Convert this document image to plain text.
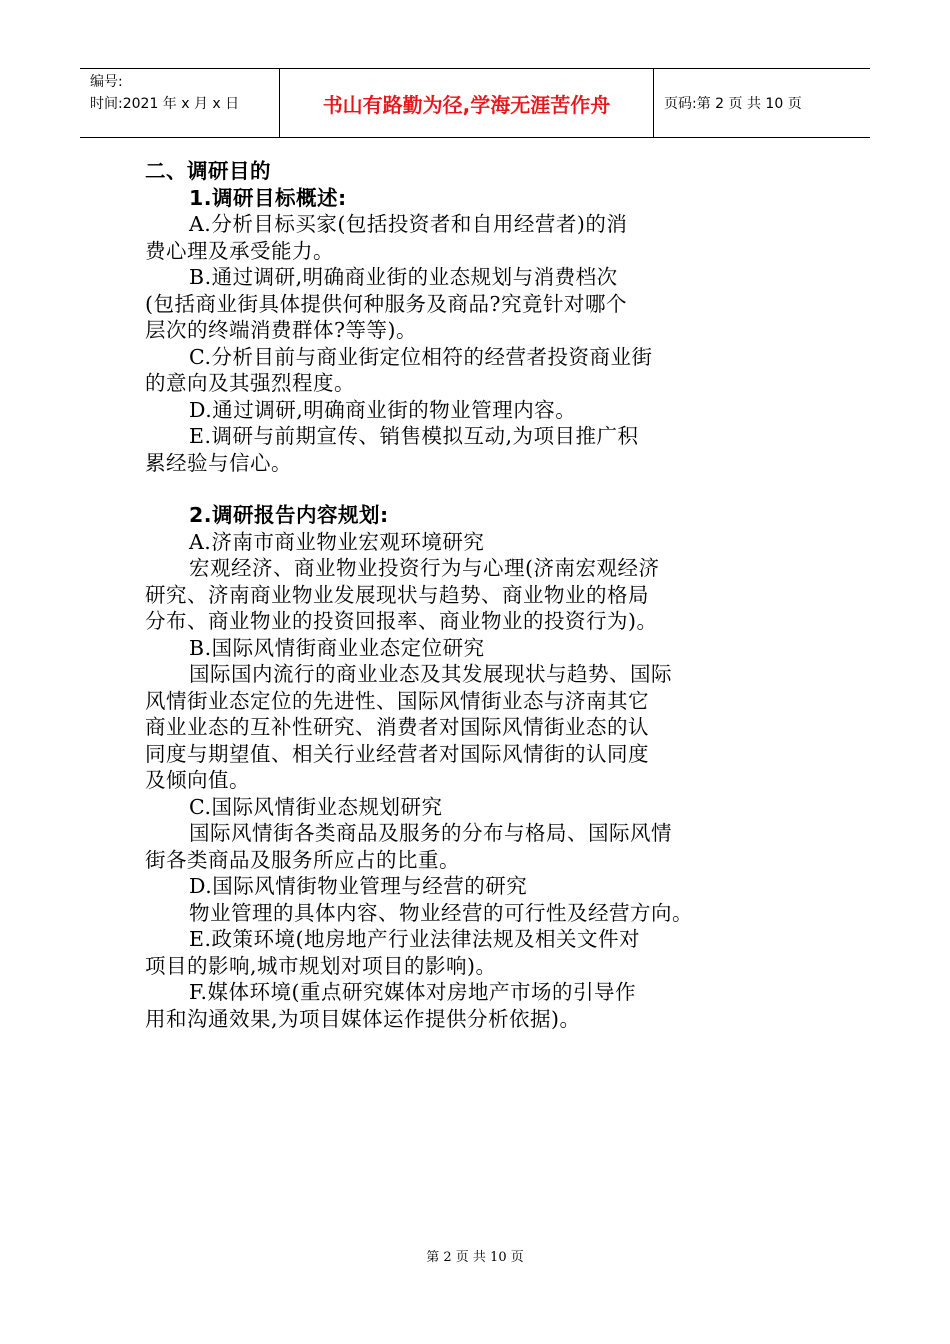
编号:
时间:2021 年 x 月 x 日	书山有路勤为径,学海无涯苦作舟	页码:第 2 页 共 10 页
二、调研目的
1.调研目标概述:
A.分析目标买家(包括投资者和自用经营者)的消
费心理及承受能力。
B.通过调研,明确商业街的业态规划与消费档次
(包括商业街具体提供何种服务及商品?究竟针对哪个
层次的终端消费群体?等等)。
C.分析目前与商业街定位相符的经营者投资商业街
的意向及其强烈程度。
D.通过调研,明确商业街的物业管理内容。
E.调研与前期宣传、销售模拟互动,为项目推广积
累经验与信心。
2.调研报告内容规划:
A.济南市商业物业宏观环境研究
宏观经济、商业物业投资行为与心理(济南宏观经济
研究、济南商业物业发展现状与趋势、商业物业的格局
分布、商业物业的投资回报率、商业物业的投资行为)。
B.国际风情街商业业态定位研究
国际国内流行的商业业态及其发展现状与趋势、国际
风情街业态定位的先进性、国际风情街业态与济南其它
商业业态的互补性研究、消费者对国际风情街业态的认
同度与期望值、相关行业经营者对国际风情街的认同度
及倾向值。
C.国际风情街业态规划研究
国际风情街各类商品及服务的分布与格局、国际风情
街各类商品及服务所应占的比重。
D.国际风情街物业管理与经营的研究
物业管理的具体内容、物业经营的可行性及经营方向。
E.政策环境(地房地产行业法律法规及相关文件对
项目的影响,城市规划对项目的影响)。
F.媒体环境(重点研究媒体对房地产市场的引导作
用和沟通效果,为项目媒体运作提供分析依据)。
第 2 页 共 10 页
